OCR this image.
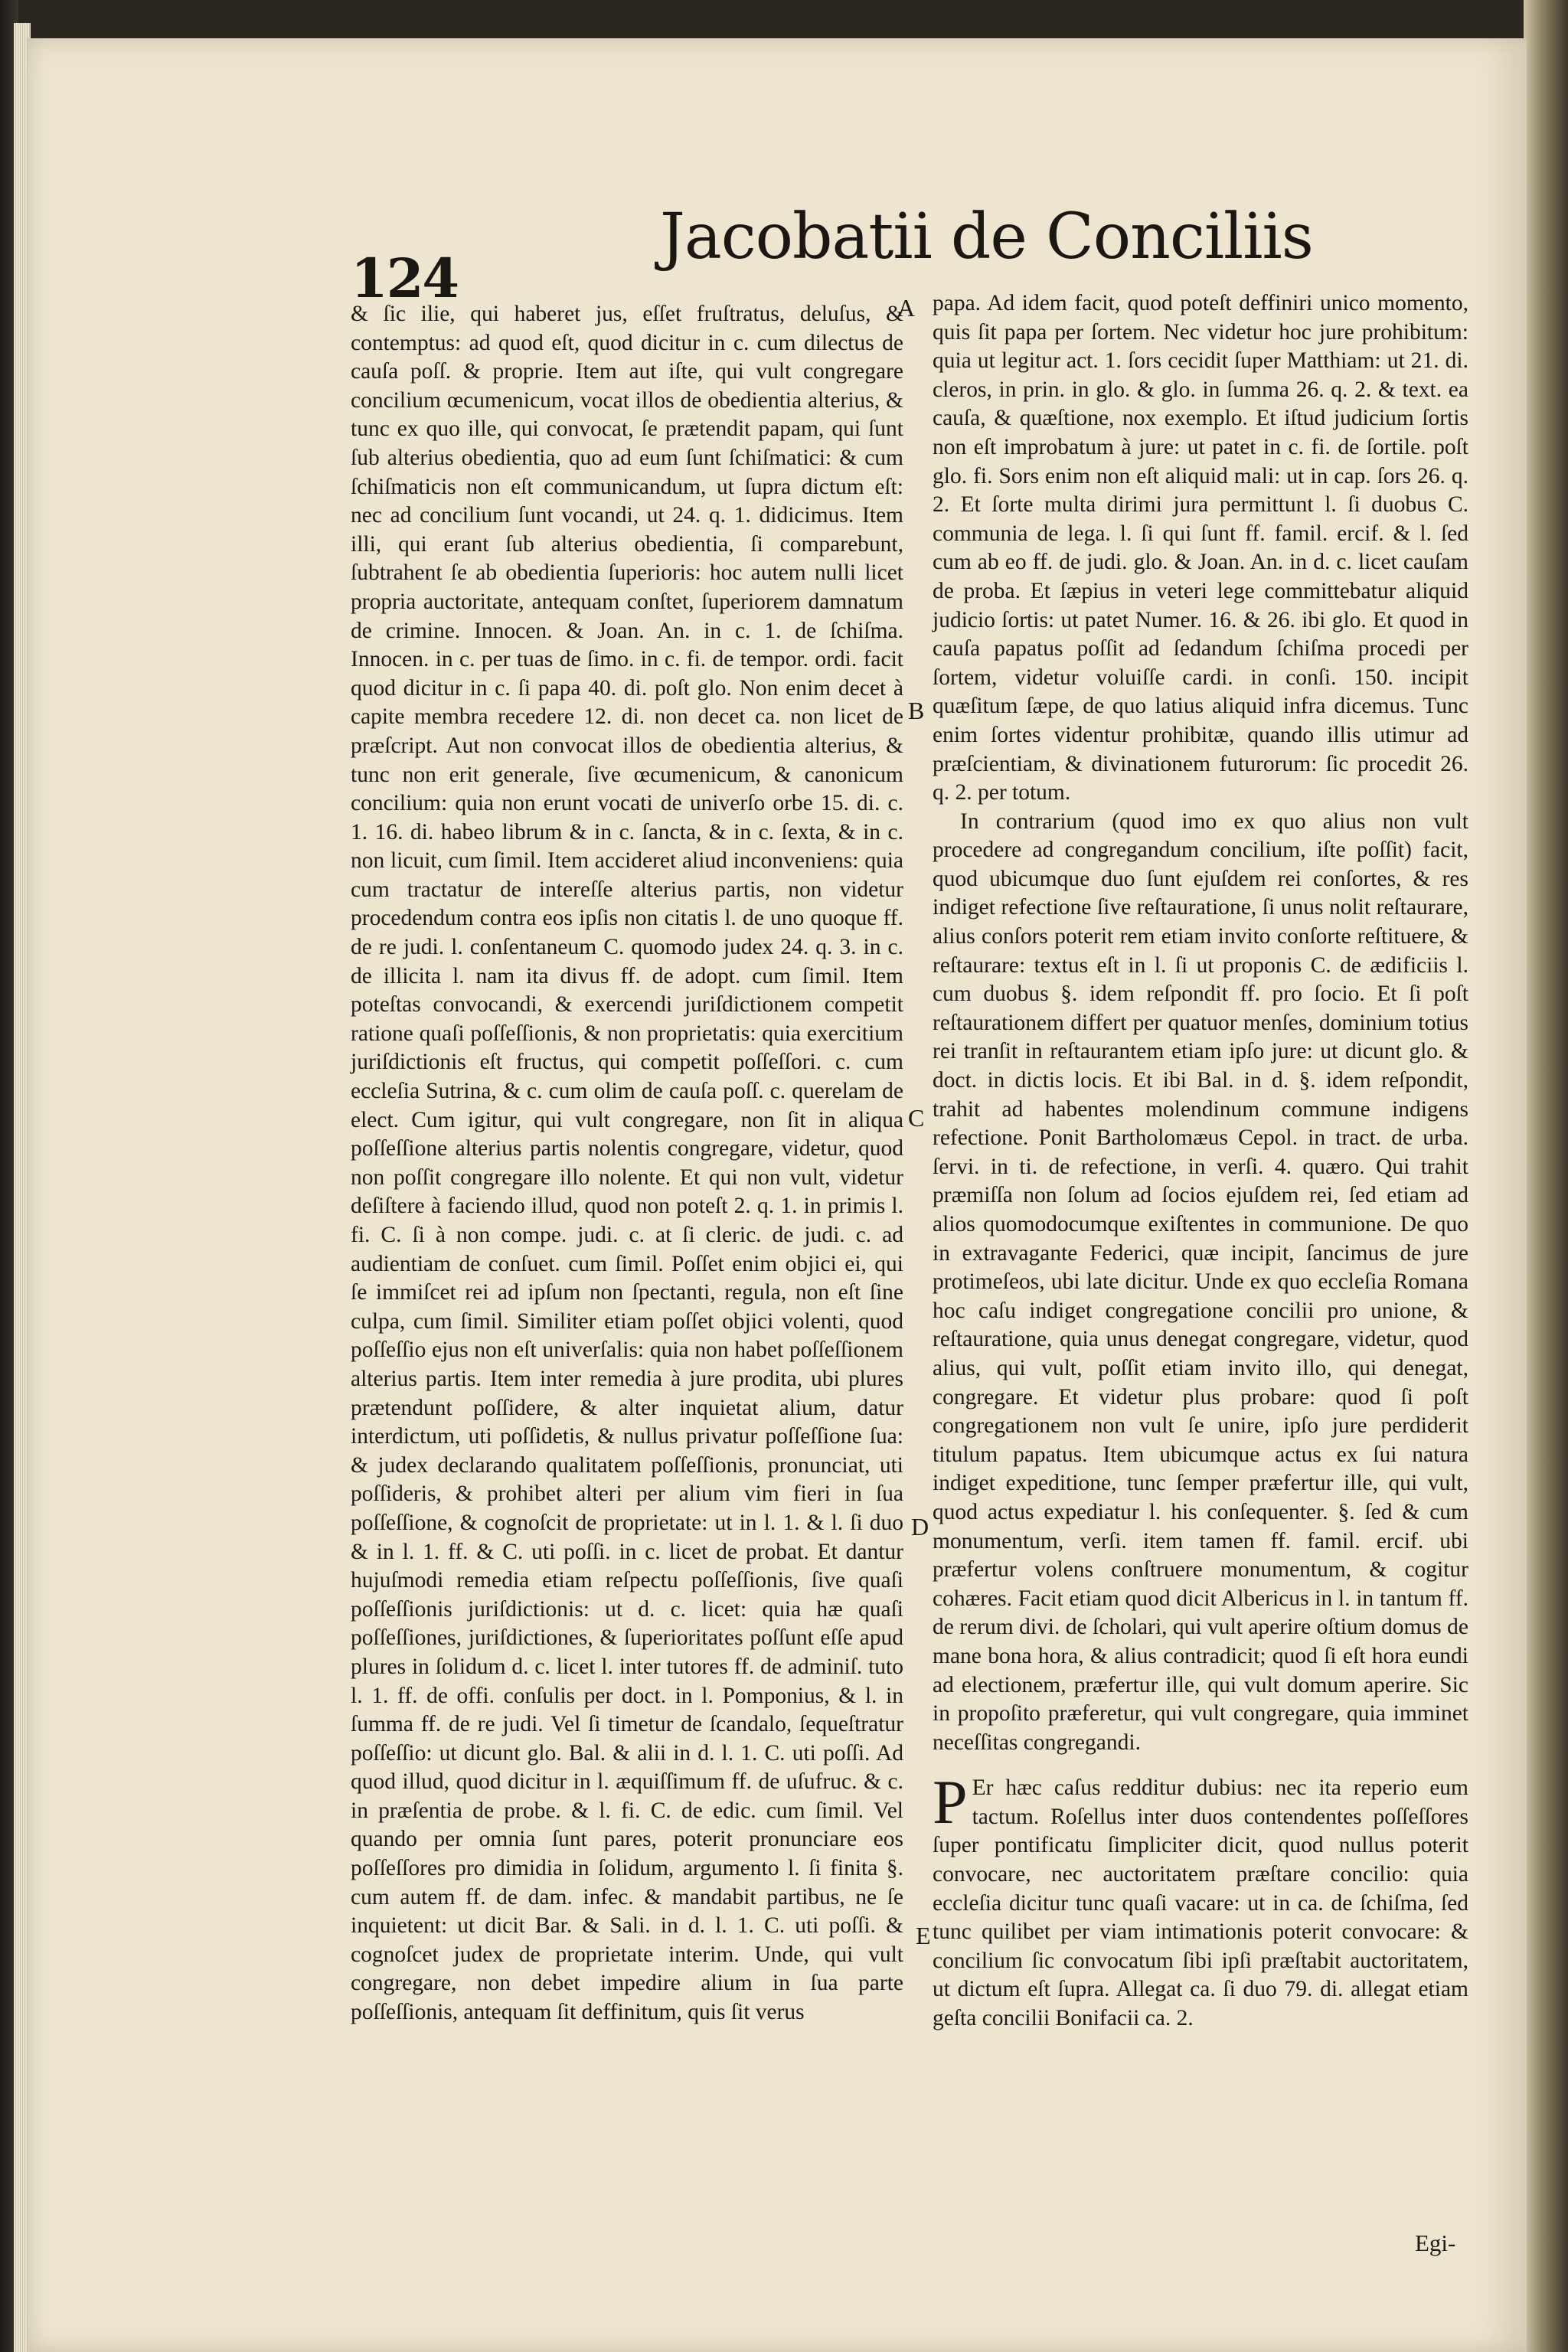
124
Jacobatii de Conciliis

& ſic ilie, qui haberet jus, eſſet fruſtratus, deluſus, & contemptus: ad quod eſt, quod dicitur in c. cum dilectus de cauſa poſſ. & proprie. Item aut iſte, qui vult congregare concilium œcumenicum, vocat illos de obedientia alterius, & tunc ex quo ille, qui convocat, ſe prætendit papam, qui ſunt ſub alterius obedientia, quo ad eum ſunt ſchiſmatici: & cum ſchiſmaticis non eſt communicandum, ut ſupra dictum eſt: nec ad concilium ſunt vocandi, ut 24. q. 1. didicimus. Item illi, qui erant ſub alterius obedientia, ſi comparebunt, ſubtrahent ſe ab obedientia ſuperioris: hoc autem nulli licet propria auctoritate, antequam conſtet, ſuperiorem damnatum de crimine. Innocen. & Joan. An. in c. 1. de ſchiſma. Innocen. in c. per tuas de ſimo. in c. fi. de tempor. ordi. facit quod dicitur in c. ſi papa 40. di. poſt glo. Non enim decet à capite membra recedere 12. di. non decet ca. non licet de præſcript. Aut non convocat illos de obedientia alterius, & tunc non erit generale, ſive œcumenicum, & canonicum concilium: quia non erunt vocati de univerſo orbe 15. di. c. 1. 16. di. habeo librum & in c. ſancta, & in c. ſexta, & in c. non licuit, cum ſimil. Item accideret aliud inconveniens: quia cum tractatur de intereſſe alterius partis, non videtur procedendum contra eos ipſis non citatis l. de uno quoque ff. de re judi. l. conſentaneum C. quomodo judex 24. q. 3. in c. de illicita l. nam ita divus ff. de adopt. cum ſimil. Item poteſtas convocandi, & exercendi juriſdictionem competit ratione quaſi poſſeſſionis, & non proprietatis: quia exercitium juriſdictionis eſt fructus, qui competit poſſeſſori. c. cum eccleſia Sutrina, & c. cum olim de cauſa poſſ. c. querelam de elect. Cum igitur, qui vult congregare, non ſit in aliqua poſſeſſione alterius partis nolentis congregare, videtur, quod non poſſit congregare illo nolente. Et qui non vult, videtur deſiſtere à faciendo illud, quod non poteſt 2. q. 1. in primis l. fi. C. ſi à non compe. judi. c. at ſi cleric. de judi. c. ad audientiam de conſuet. cum ſimil. Poſſet enim objici ei, qui ſe immiſcet rei ad ipſum non ſpectanti, regula, non eſt ſine culpa, cum ſimil. Similiter etiam poſſet objici volenti, quod poſſeſſio ejus non eſt univerſalis: quia non habet poſſeſſionem alterius partis. Item inter remedia à jure prodita, ubi plures prætendunt poſſidere, & alter inquietat alium, datur interdictum, uti poſſidetis, & nullus privatur poſſeſſione ſua: & judex declarando qualitatem poſſeſſionis, pronunciat, uti poſſideris, & prohibet alteri per alium vim fieri in ſua poſſeſſione, & cognoſcit de proprietate: ut in l. 1. & l. ſi duo & in l. 1. ff. & C. uti poſſi. in c. licet de probat. Et dantur hujuſmodi remedia etiam reſpectu poſſeſſionis, ſive quaſi poſſeſſionis juriſdictionis: ut d. c. licet: quia hæ quaſi poſſeſſiones, juriſdictiones, & ſuperioritates poſſunt eſſe apud plures in ſolidum d. c. licet l. inter tutores ff. de adminiſ. tuto l. 1. ff. de offi. conſulis per doct. in l. Pomponius, & l. in ſumma ff. de re judi. Vel ſi timetur de ſcandalo, ſequeſtratur poſſeſſio: ut dicunt glo. Bal. & alii in d. l. 1. C. uti poſſi. Ad quod illud, quod dicitur in l. æquiſſimum ff. de uſufruc. & c. in præſentia de probe. & l. fi. C. de edic. cum ſimil. Vel quando per omnia ſunt pares, poterit pronunciare eos poſſeſſores pro dimidia in ſolidum, argumento l. ſi finita §. cum autem ff. de dam. infec. & mandabit partibus, ne ſe inquietent: ut dicit Bar. & Sali. in d. l. 1. C. uti poſſi. & cognoſcet judex de proprietate interim. Unde, qui vult congregare, non debet impedire alium in ſua parte poſſeſſionis, antequam ſit deffinitum, quis ſit verus

A
B
C
D
E

papa. Ad idem facit, quod poteſt deffiniri unico momento, quis ſit papa per ſortem. Nec videtur hoc jure prohibitum: quia ut legitur act. 1. ſors cecidit ſuper Matthiam: ut 21. di. cleros, in prin. in glo. & glo. in ſumma 26. q. 2. & text. ea cauſa, & quæſtione, nox exemplo. Et iſtud judicium ſortis non eſt improbatum à jure: ut patet in c. fi. de ſortile. poſt glo. fi. Sors enim non eſt aliquid mali: ut in cap. ſors 26. q. 2. Et ſorte multa dirimi jura permittunt l. ſi duobus C. communia de lega. l. ſi qui ſunt ff. famil. ercif. & l. ſed cum ab eo ff. de judi. glo. & Joan. An. in d. c. licet cauſam de proba. Et ſæpius in veteri lege committebatur aliquid judicio ſortis: ut patet Numer. 16. & 26. ibi glo. Et quod in cauſa papatus poſſit ad ſedandum ſchiſma procedi per ſortem, videtur voluiſſe cardi. in conſi. 150. incipit quæſitum ſæpe, de quo latius aliquid infra dicemus. Tunc enim ſortes videntur prohibitæ, quando illis utimur ad præſcientiam, & divinationem futurorum: ſic procedit 26. q. 2. per totum.

In contrarium (quod imo ex quo alius non vult procedere ad congregandum concilium, iſte poſſit) facit, quod ubicumque duo ſunt ejuſdem rei conſortes, & res indiget refectione ſive reſtauratione, ſi unus nolit reſtaurare, alius conſors poterit rem etiam invito conſorte reſtituere, & reſtaurare: textus eſt in l. ſi ut proponis C. de ædificiis l. cum duobus §. idem reſpondit ff. pro ſocio. Et ſi poſt reſtaurationem differt per quatuor menſes, dominium totius rei tranſit in reſtaurantem etiam ipſo jure: ut dicunt glo. & doct. in dictis locis. Et ibi Bal. in d. §. idem reſpondit, trahit ad habentes molendinum commune indigens refectione. Ponit Bartholomæus Cepol. in tract. de urba. ſervi. in ti. de refectione, in verſi. 4. quæro. Qui trahit præmiſſa non ſolum ad ſocios ejuſdem rei, ſed etiam ad alios quomodocumque exiſtentes in communione. De quo in extravagante Federici, quæ incipit, ſancimus de jure protimeſeos, ubi late dicitur. Unde ex quo eccleſia Romana hoc caſu indiget congregatione concilii pro unione, & reſtauratione, quia unus denegat congregare, videtur, quod alius, qui vult, poſſit etiam invito illo, qui denegat, congregare. Et videtur plus probare: quod ſi poſt congregationem non vult ſe unire, ipſo jure perdiderit titulum papatus. Item ubicumque actus ex ſui natura indiget expeditione, tunc ſemper præfertur ille, qui vult, quod actus expediatur l. his conſequenter. §. ſed & cum monumentum, verſi. item tamen ff. famil. ercif. ubi præfertur volens conſtruere monumentum, & cogitur cohæres. Facit etiam quod dicit Albericus in l. in tantum ff. de rerum divi. de ſcholari, qui vult aperire oſtium domus de mane bona hora, & alius contradicit; quod ſi eſt hora eundi ad electionem, præfertur ille, qui vult domum aperire. Sic in propoſito præferetur, qui vult congregare, quia imminet neceſſitas congregandi.

P Er hæc caſus redditur dubius: nec ita reperio eum tactum. Roſellus inter duos contendentes poſſeſſores ſuper pontificatu ſimpliciter dicit, quod nullus poterit convocare, nec auctoritatem præſtare concilio: quia eccleſia dicitur tunc quaſi vacare: ut in ca. de ſchiſma, ſed tunc quilibet per viam intimationis poterit convocare: & concilium ſic convocatum ſibi ipſi præſtabit auctoritatem, ut dictum eſt ſupra. Allegat ca. ſi duo 79. di. allegat etiam geſta concilii Bonifacii ca. 2.

Egi-
